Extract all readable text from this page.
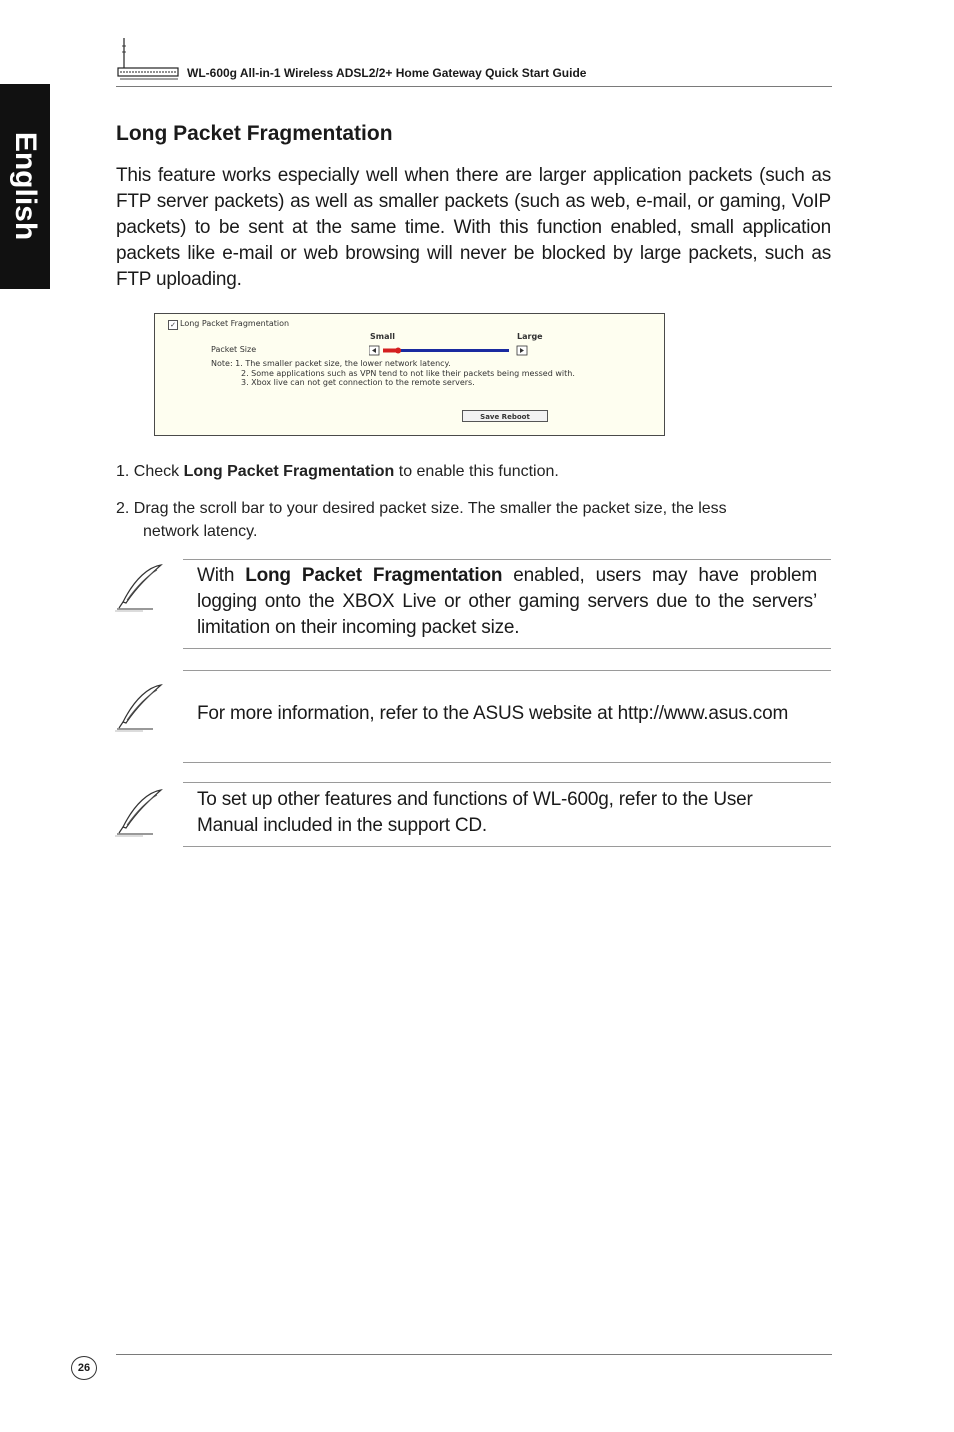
English
WL-600g All-in-1 Wireless ADSL2/2+ Home Gateway Quick Start Guide
Long Packet Fragmentation

This feature works especially well when there are larger application packets (such as FTP server packets) as well as smaller packets (such as web, e-mail, or gaming, VoIP packets) to be sent at the same time. With this function enabled, small application packets like e-mail or web browsing will never be blocked by large packets, such as FTP uploading.

✓ Long Packet Fragmentation
Small	Large
Packet Size
Note: 1. The smaller packet size, the lower network latency.
2. Some applications such as VPN tend to not like their packets being messed with.
3. Xbox live can not get connection to the remote servers.
Save Reboot
1. Check Long Packet Fragmentation to enable this function.
2. Drag the scroll bar to your desired packet size. The smaller the packet size, the less
network latency.

With Long Packet Fragmentation enabled, users may have problem logging onto the XBOX Live or other gaming servers due to the servers’ limitation on their incoming packet size.

For more information, refer to the ASUS website at http://www.asus.com

To set up other features and functions of WL-600g, refer to the User Manual included in the support CD.

26
